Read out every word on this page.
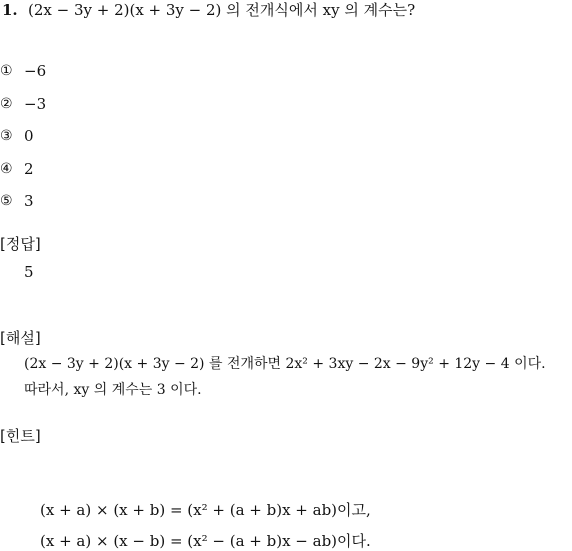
1. (2x − 3y + 2)(x + 3y − 2) 의 전개식에서 xy 의 계수는?
① −6
② −3
③ 0
④ 2
⑤ 3
[정답]
5
[해설]
(2x − 3y + 2)(x + 3y − 2) 를 전개하면 2x² + 3xy − 2x − 9y² + 12y − 4 이다.
따라서, xy 의 계수는 3 이다.
[힌트]
(x + a) × (x + b) = (x² + (a + b)x + ab)이고,
(x + a) × (x − b) = (x² − (a + b)x − ab)이다.
